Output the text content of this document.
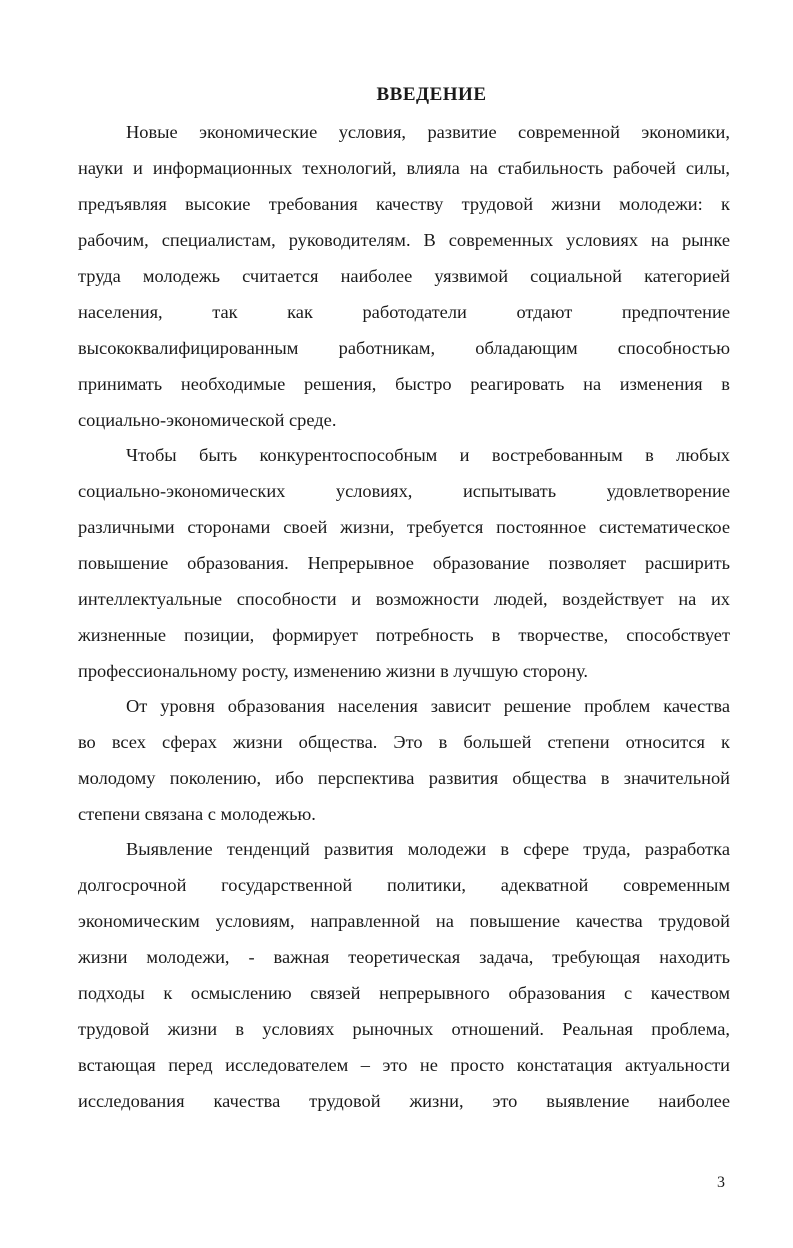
ВВЕДЕНИЕ
Новые экономические условия, развитие современной экономики,
науки и информационных технологий, влияла на стабильность рабочей силы,
предъявляя высокие требования качеству трудовой жизни молодежи: к
рабочим, специалистам, руководителям. В современных условиях на рынке
труда молодежь считается наиболее уязвимой социальной категорией
населения, так как работодатели отдают предпочтение
высококвалифицированным работникам, обладающим способностью
принимать необходимые решения, быстро реагировать на изменения в
социально-экономической среде.
Чтобы быть конкурентоспособным и востребованным в любых
социально-экономических условиях, испытывать удовлетворение
различными сторонами своей жизни, требуется постоянное систематическое
повышение образования. Непрерывное образование позволяет расширить
интеллектуальные способности и возможности людей, воздействует на их
жизненные позиции, формирует потребность в творчестве, способствует
профессиональному росту, изменению жизни в лучшую сторону.
От уровня образования населения зависит решение проблем качества
во всех сферах жизни общества. Это в большей степени относится к
молодому поколению, ибо перспектива развития общества в значительной
степени связана с молодежью.
Выявление тенденций развития молодежи в сфере труда, разработка
долгосрочной государственной политики, адекватной современным
экономическим условиям, направленной на повышение качества трудовой
жизни молодежи, - важная теоретическая задача, требующая находить
подходы к осмыслению связей непрерывного образования с качеством
трудовой жизни в условиях рыночных отношений. Реальная проблема,
встающая перед исследователем – это не просто констатация актуальности
исследования качества трудовой жизни, это выявление наиболее
3
